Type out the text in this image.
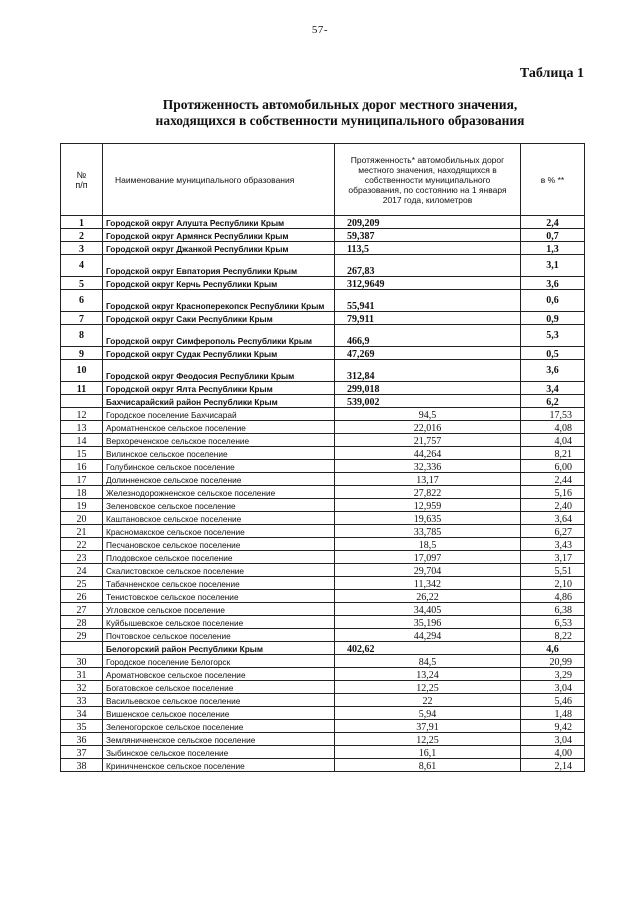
57-
Таблица 1
Протяженность автомобильных дорог местного значения,
находящихся в собственности муниципального образования
№
п/п	Наименование муниципального образования	Протяженность* автомобильных дорог местного значения, находящихся в собственности муниципального образования, по состоянию на 1 января 2017 года, километров	в % **
1	Городской округ Алушта Республики Крым	209,209	2,4
2	Городской округ Армянск Республики Крым	59,387	0,7
3	Городской округ Джанкой Республики Крым	113,5	1,3
4	Городской округ Евпатория Республики Крым	267,83	3,1
5	Городской округ Керчь Республики Крым	312,9649	3,6
6	Городской округ Красноперекопск Республики Крым	55,941	0,6
7	Городской округ Саки Республики Крым	79,911	0,9
8	Городской округ Симферополь Республики Крым	466,9	5,3
9	Городской округ Судак Республики Крым	47,269	0,5
10	Городской округ Феодосия Республики Крым	312,84	3,6
11	Городской округ Ялта Республики Крым	299,018	3,4
	Бахчисарайский район Республики Крым	539,002	6,2
12	Городское поселение Бахчисарай	94,5	17,53
13	Ароматненское сельское поселение	22,016	4,08
14	Верхореченское сельское поселение	21,757	4,04
15	Вилинское сельское поселение	44,264	8,21
16	Голубинское сельское поселение	32,336	6,00
17	Долинненское сельское поселение	13,17	2,44
18	Железнодорожненское сельское поселение	27,822	5,16
19	Зеленовское сельское поселение	12,959	2,40
20	Каштановское сельское поселение	19,635	3,64
21	Красномакское сельское поселение	33,785	6,27
22	Песчановское сельское поселение	18,5	3,43
23	Плодовское сельское поселение	17,097	3,17
24	Скалистовское сельское поселение	29,704	5,51
25	Табачненское сельское поселение	11,342	2,10
26	Тенистовское сельское поселение	26,22	4,86
27	Угловское сельское поселение	34,405	6,38
28	Куйбышевское сельское поселение	35,196	6,53
29	Почтовское сельское поселение	44,294	8,22
	Белогорский район Республики Крым	402,62	4,6
30	Городское поселение Белогорск	84,5	20,99
31	Ароматновское сельское поселение	13,24	3,29
32	Богатовское сельское поселение	12,25	3,04
33	Васильевское сельское поселение	22	5,46
34	Вишенское сельское поселение	5,94	1,48
35	Зеленогорское сельское поселение	37,91	9,42
36	Земляничненское сельское поселение	12,25	3,04
37	Зыбинское сельское поселение	16,1	4,00
38	Криничненское сельское поселение	8,61	2,14
